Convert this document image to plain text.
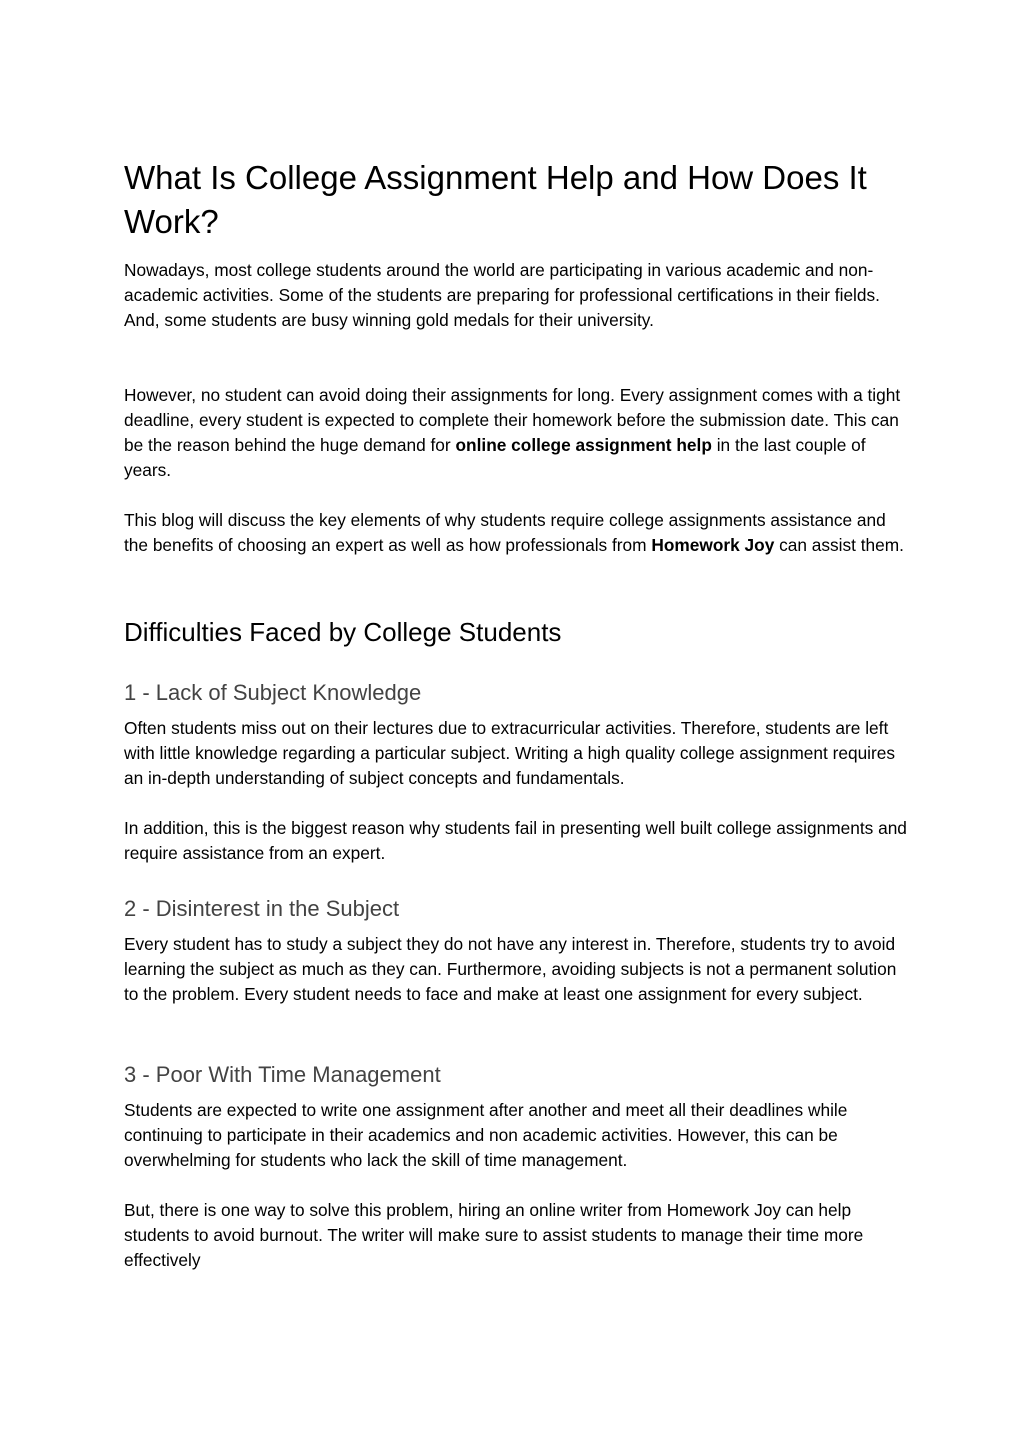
What Is College Assignment Help and How Does It Work?

Nowadays, most college students around the world are participating in various academic and non-academic activities. Some of the students are preparing for professional certifications in their fields. And, some students are busy winning gold medals for their university.

However, no student can avoid doing their assignments for long. Every assignment comes with a tight deadline, every student is expected to complete their homework before the submission date. This can be the reason behind the huge demand for online college assignment help in the last couple of years.

This blog will discuss the key elements of why students require college assignments assistance and the benefits of choosing an expert as well as how professionals from Homework Joy can assist them.

Difficulties Faced by College Students
1 - Lack of Subject Knowledge

Often students miss out on their lectures due to extracurricular activities. Therefore, students are left with little knowledge regarding a particular subject. Writing a high quality college assignment requires an in-depth understanding of subject concepts and fundamentals.

In addition, this is the biggest reason why students fail in presenting well built college assignments and require assistance from an expert.

2 - Disinterest in the Subject

Every student has to study a subject they do not have any interest in. Therefore, students try to avoid learning the subject as much as they can. Furthermore, avoiding subjects is not a permanent solution to the problem. Every student needs to face and make at least one assignment for every subject.

3 - Poor With Time Management

Students are expected to write one assignment after another and meet all their deadlines while continuing to participate in their academics and non academic activities. However, this can be overwhelming for students who lack the skill of time management.

But, there is one way to solve this problem, hiring an online writer from Homework Joy can help students to avoid burnout. The writer will make sure to assist students to manage their time more effectively
